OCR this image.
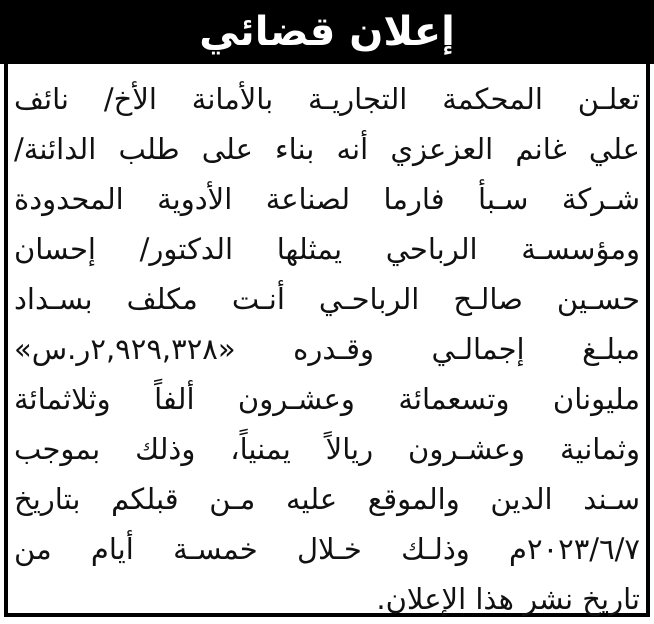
إعلان قضائي
تعلـن المحكمة التجاريـة بالأمانة الأخ/ نائف
علي غانم العزعزي أنه بناء على طلب الدائنة/
شـركة سـبأ فارما لصناعة الأدوية المحدودة
ومؤسسـة الرباحي يمثلها الدكتور/ إحسان
حسـين صالـح الرباحـي أنـت مكلف بسـداد
مبلـغ إجمالـي وقـدره «٢,٩٢٩,٣٢٨ر.س»
مليونان وتسعمائة وعشـرون ألفاً وثلاثمائة
وثمانية وعشـرون ريالاً يمنياً، وذلك بموجب
سـند الدين والموقع عليه مـن قبلكم بتاريخ
٢٠٢٣/٦/٧م وذلـك خـلال خمسـة أيام من
تاريخ نشر هذا الإعلان.
